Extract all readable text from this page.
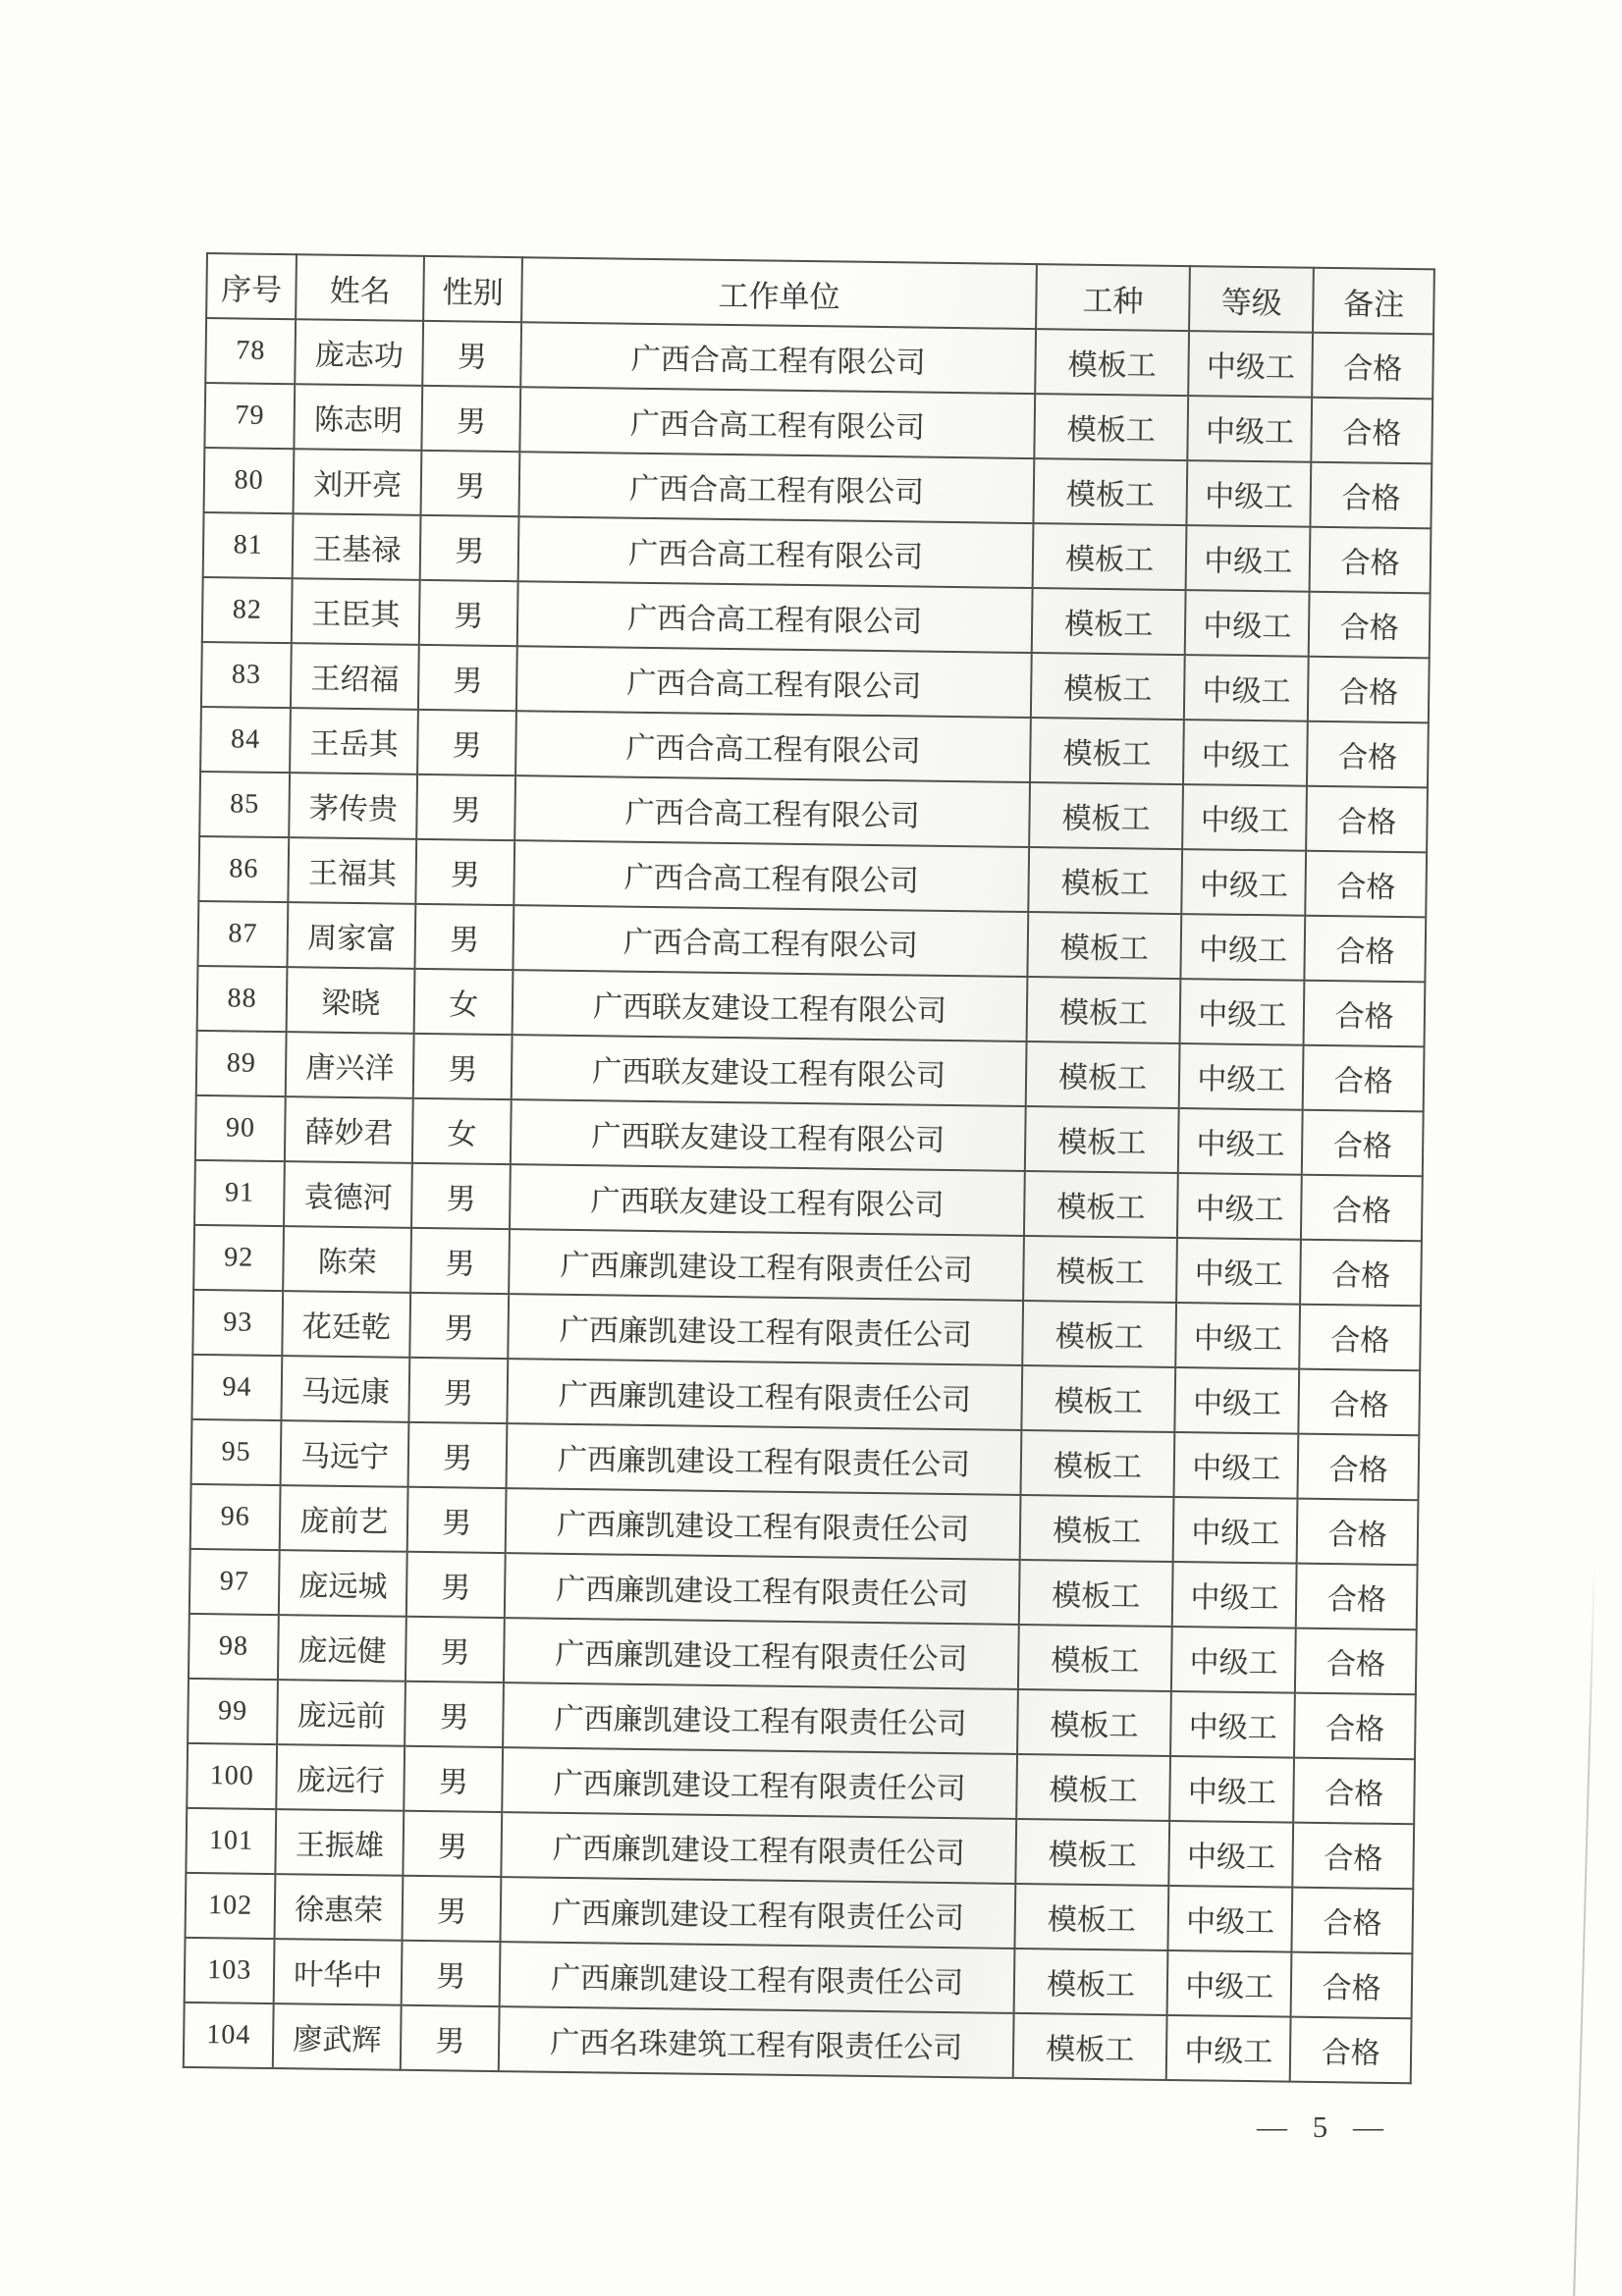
序号	姓名	性别	工作单位	工种	等级	备注
78	庞志功	男	广西合高工程有限公司	模板工	中级工	合格
79	陈志明	男	广西合高工程有限公司	模板工	中级工	合格
80	刘开亮	男	广西合高工程有限公司	模板工	中级工	合格
81	王基禄	男	广西合高工程有限公司	模板工	中级工	合格
82	王臣其	男	广西合高工程有限公司	模板工	中级工	合格
83	王绍福	男	广西合高工程有限公司	模板工	中级工	合格
84	王岳其	男	广西合高工程有限公司	模板工	中级工	合格
85	茅传贵	男	广西合高工程有限公司	模板工	中级工	合格
86	王福其	男	广西合高工程有限公司	模板工	中级工	合格
87	周家富	男	广西合高工程有限公司	模板工	中级工	合格
88	梁晓	女	广西联友建设工程有限公司	模板工	中级工	合格
89	唐兴洋	男	广西联友建设工程有限公司	模板工	中级工	合格
90	薛妙君	女	广西联友建设工程有限公司	模板工	中级工	合格
91	袁德河	男	广西联友建设工程有限公司	模板工	中级工	合格
92	陈荣	男	广西廉凯建设工程有限责任公司	模板工	中级工	合格
93	花廷乾	男	广西廉凯建设工程有限责任公司	模板工	中级工	合格
94	马远康	男	广西廉凯建设工程有限责任公司	模板工	中级工	合格
95	马远宁	男	广西廉凯建设工程有限责任公司	模板工	中级工	合格
96	庞前艺	男	广西廉凯建设工程有限责任公司	模板工	中级工	合格
97	庞远城	男	广西廉凯建设工程有限责任公司	模板工	中级工	合格
98	庞远健	男	广西廉凯建设工程有限责任公司	模板工	中级工	合格
99	庞远前	男	广西廉凯建设工程有限责任公司	模板工	中级工	合格
100	庞远行	男	广西廉凯建设工程有限责任公司	模板工	中级工	合格
101	王振雄	男	广西廉凯建设工程有限责任公司	模板工	中级工	合格
102	徐惠荣	男	广西廉凯建设工程有限责任公司	模板工	中级工	合格
103	叶华中	男	广西廉凯建设工程有限责任公司	模板工	中级工	合格
104	廖武辉	男	广西名珠建筑工程有限责任公司	模板工	中级工	合格
— 5 —
